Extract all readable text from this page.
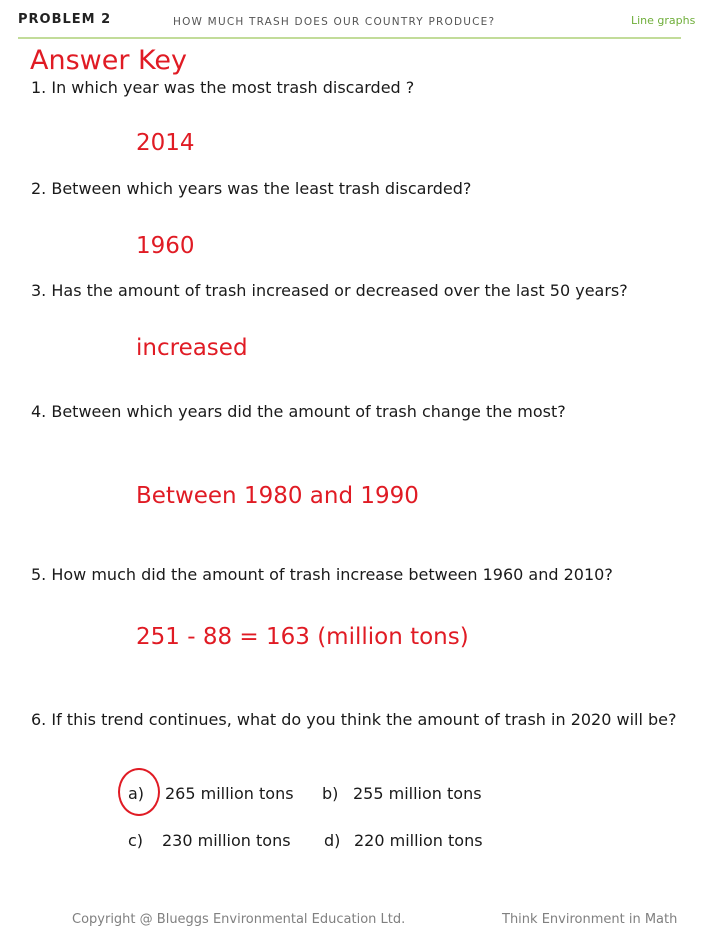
PROBLEM 2	HOW MUCH TRASH DOES OUR COUNTRY PRODUCE?	Line graphs
Answer Key
1. In which year was the most trash discarded ?
2014
2. Between which years was the least trash discarded?
1960
3. Has the amount of trash increased or decreased over the last 50 years?
increased
4. Between which years did the amount of trash change the most?
Between 1980 and 1990
5. How much did the amount of trash increase between 1960 and 2010?
251 - 88 = 163 (million tons)
6. If this trend continues, what do you think the amount of trash in 2020 will be?
a) 265 million tons b) 255 million tons
c) 230 million tons d) 220 million tons
Copyright @ Blueggs Environmental Education Ltd.	Think Environment in Math
